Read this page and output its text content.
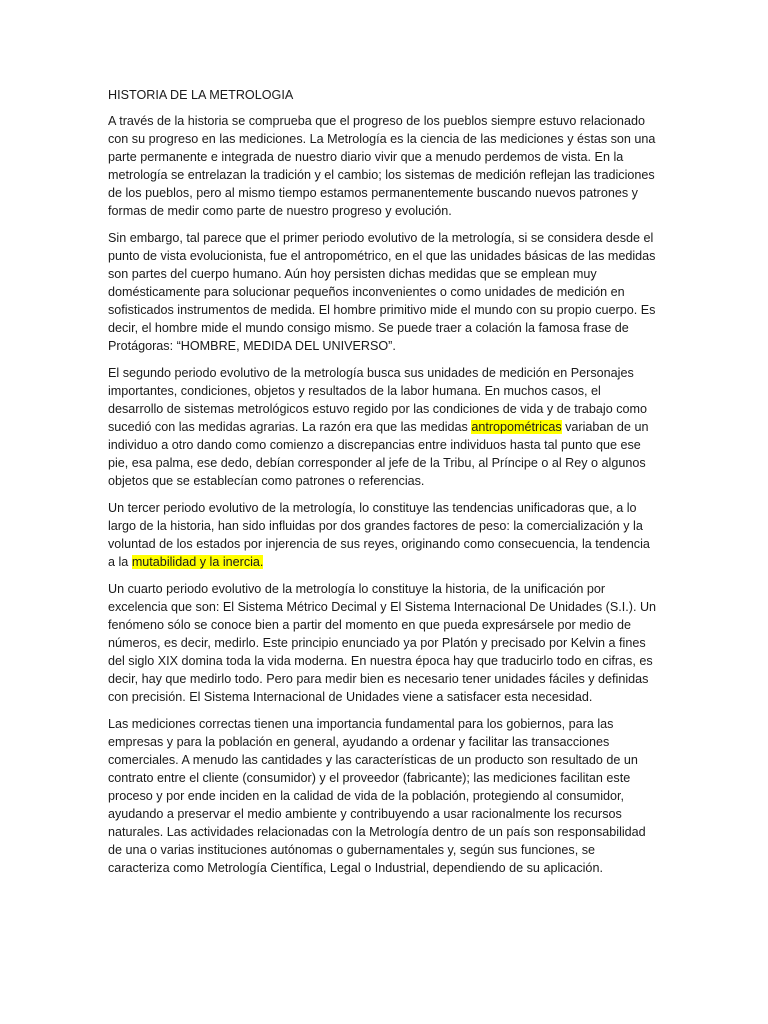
HISTORIA DE LA METROLOGIA

A través de la historia se comprueba que el progreso de los pueblos siempre estuvo relacionado con su progreso en las mediciones. La Metrología es la ciencia de las mediciones y éstas son una parte permanente e integrada de nuestro diario vivir que a menudo perdemos de vista. En la metrología se entrelazan la tradición y el cambio; los sistemas de medición reflejan las tradiciones de los pueblos, pero al mismo tiempo estamos permanentemente buscando nuevos patrones y formas de medir como parte de nuestro progreso y evolución.

Sin embargo, tal parece que el primer periodo evolutivo de la metrología, si se considera desde el punto de vista evolucionista, fue el antropométrico, en el que las unidades básicas de las medidas son partes del cuerpo humano. Aún hoy persisten dichas medidas que se emplean muy domésticamente para solucionar pequeños inconvenientes o como unidades de medición en sofisticados instrumentos de medida. El hombre primitivo mide el mundo con su propio cuerpo. Es decir, el hombre mide el mundo consigo mismo. Se puede traer a colación la famosa frase de Protágoras: “HOMBRE, MEDIDA DEL UNIVERSO”.

El segundo periodo evolutivo de la metrología busca sus unidades de medición en Personajes importantes, condiciones, objetos y resultados de la labor humana. En muchos casos, el desarrollo de sistemas metrológicos estuvo regido por las condiciones de vida y de trabajo como sucedió con las medidas agrarias. La razón era que las medidas antropométricas variaban de un individuo a otro dando como comienzo a discrepancias entre individuos hasta tal punto que ese pie, esa palma, ese dedo, debían corresponder al jefe de la Tribu, al Príncipe o al Rey o algunos objetos que se establecían como patrones o referencias.

Un tercer periodo evolutivo de la metrología, lo constituye las tendencias unificadoras que, a lo largo de la historia, han sido influidas por dos grandes factores de peso: la comercialización y la voluntad de los estados por injerencia de sus reyes, originando como consecuencia, la tendencia a la mutabilidad y la inercia.

Un cuarto periodo evolutivo de la metrología lo constituye la historia, de la unificación por excelencia que son: El Sistema Métrico Decimal y El Sistema Internacional De Unidades (S.I.). Un fenómeno sólo se conoce bien a partir del momento en que pueda expresársele por medio de números, es decir, medirlo. Este principio enunciado ya por Platón y precisado por Kelvin a fines del siglo XIX domina toda la vida moderna. En nuestra época hay que traducirlo todo en cifras, es decir, hay que medirlo todo. Pero para medir bien es necesario tener unidades fáciles y definidas con precisión. El Sistema Internacional de Unidades viene a satisfacer esta necesidad.

Las mediciones correctas tienen una importancia fundamental para los gobiernos, para las empresas y para la población en general, ayudando a ordenar y facilitar las transacciones comerciales. A menudo las cantidades y las características de un producto son resultado de un contrato entre el cliente (consumidor) y el proveedor (fabricante); las mediciones facilitan este proceso y por ende inciden en la calidad de vida de la población, protegiendo al consumidor, ayudando a preservar el medio ambiente y contribuyendo a usar racionalmente los recursos naturales. Las actividades relacionadas con la Metrología dentro de un país son responsabilidad de una o varias instituciones autónomas o gubernamentales y, según sus funciones, se caracteriza como Metrología Científica, Legal o Industrial, dependiendo de su aplicación.
